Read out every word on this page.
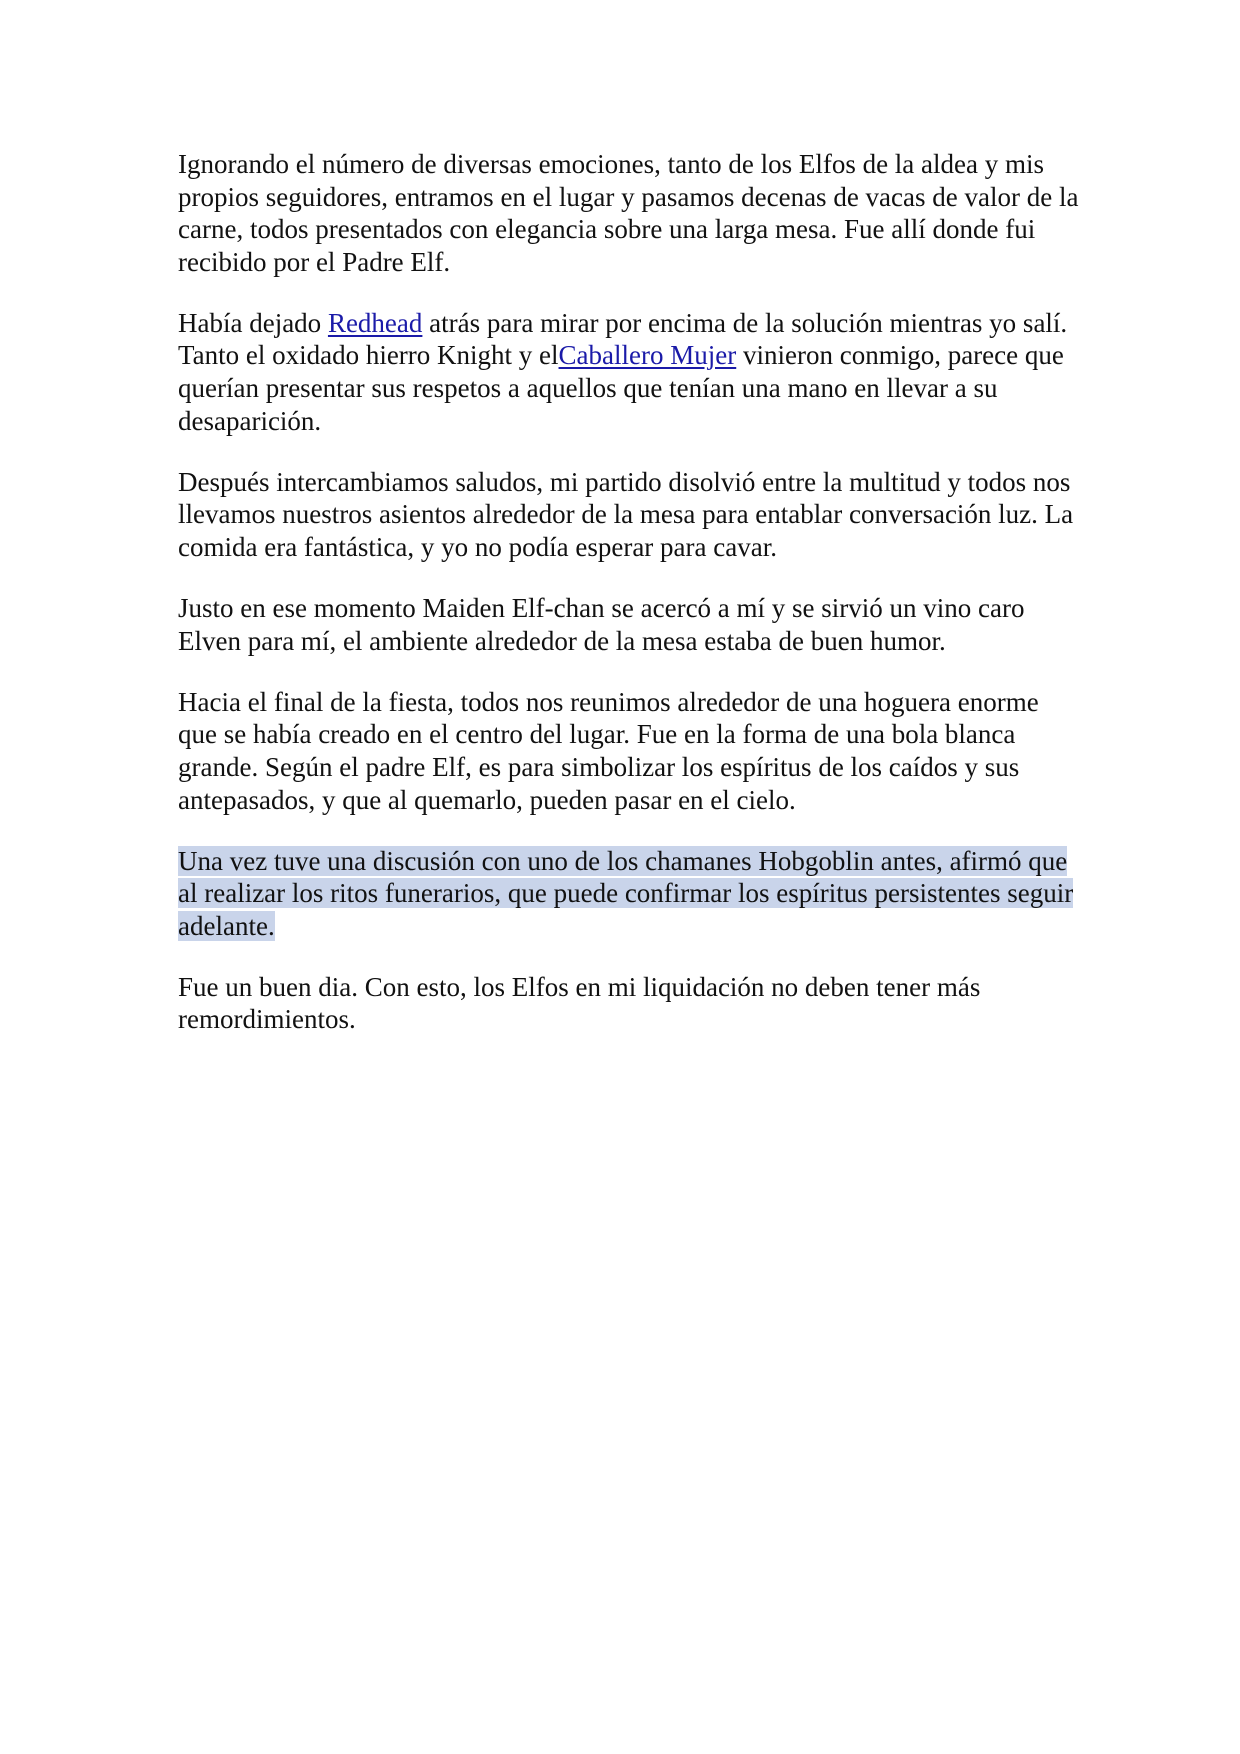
Ignorando el número de diversas emociones, tanto de los Elfos de la aldea y mis propios seguidores, entramos en el lugar y pasamos decenas de vacas de valor de la carne, todos presentados con elegancia sobre una larga mesa. Fue allí donde fui recibido por el Padre Elf.

Había dejado Redhead atrás para mirar por encima de la solución mientras yo salí. Tanto el oxidado hierro Knight y elCaballero Mujer vinieron conmigo, parece que querían presentar sus respetos a aquellos que tenían una mano en llevar a su desaparición.

Después intercambiamos saludos, mi partido disolvió entre la multitud y todos nos llevamos nuestros asientos alrededor de la mesa para entablar conversación luz. La comida era fantástica, y yo no podía esperar para cavar.

Justo en ese momento Maiden Elf-chan se acercó a mí y se sirvió un vino caro Elven para mí, el ambiente alrededor de la mesa estaba de buen humor.

Hacia el final de la fiesta, todos nos reunimos alrededor de una hoguera enorme que se había creado en el centro del lugar. Fue en la forma de una bola blanca grande. Según el padre Elf, es para simbolizar los espíritus de los caídos y sus antepasados, y que al quemarlo, pueden pasar en el cielo.

Una vez tuve una discusión con uno de los chamanes Hobgoblin antes, afirmó que al realizar los ritos funerarios, que puede confirmar los espíritus persistentes seguir adelante.

Fue un buen dia. Con esto, los Elfos en mi liquidación no deben tener más remordimientos.
